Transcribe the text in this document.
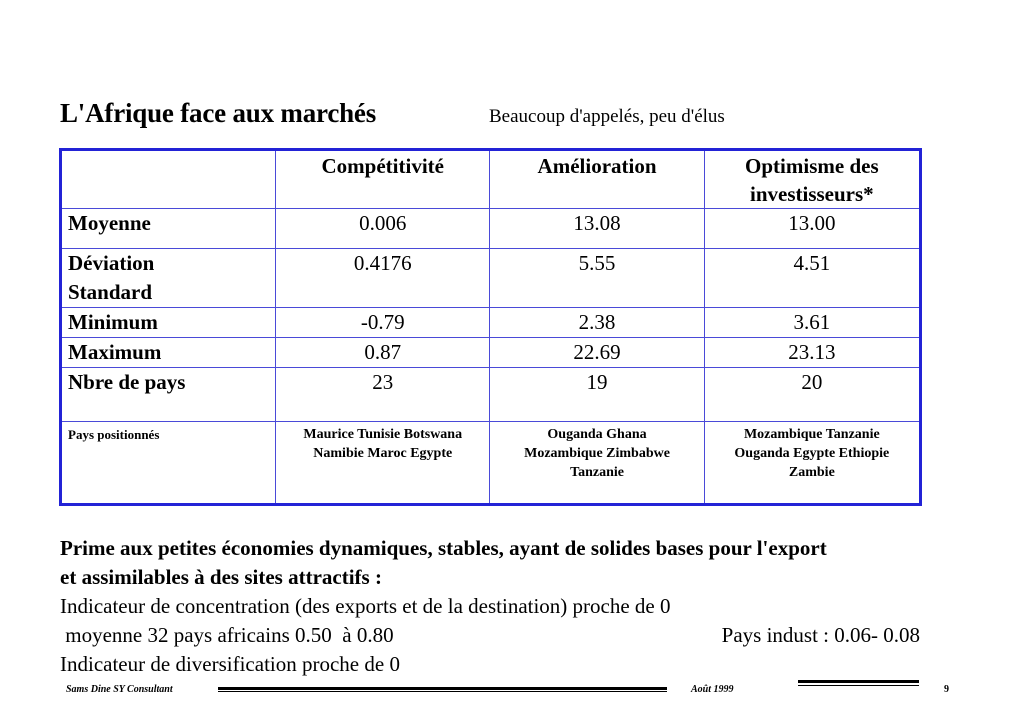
L'Afrique face aux marchés	Beaucoup d'appelés, peu d'élus
	Compétitivité	Amélioration	Optimisme des
investisseurs*

Moyenne	0.006	13.08	13.00

Déviation
Standard	0.4176	5.55	4.51
Minimum	-0.79	2.38	3.61
Maximum	0.87	22.69	23.13
Nbre de pays	23	19	20
Pays positionnés	Maurice Tunisie Botswana
Namibie Maroc Egypte	Ouganda Ghana
Mozambique Zimbabwe
Tanzanie	Mozambique Tanzanie
Ouganda Egypte Ethiopie
Zambie
Prime aux petites économies dynamiques, stables, ayant de solides bases pour l'export
et assimilables à des sites attractifs :
Indicateur de concentration (des exports et de la destination) proche de 0
moyenne 32 pays africains 0.50  à 0.80	Pays indust : 0.06- 0.08
Indicateur de diversification proche de 0
Sams Dine SY Consultant	Août 1999	9
